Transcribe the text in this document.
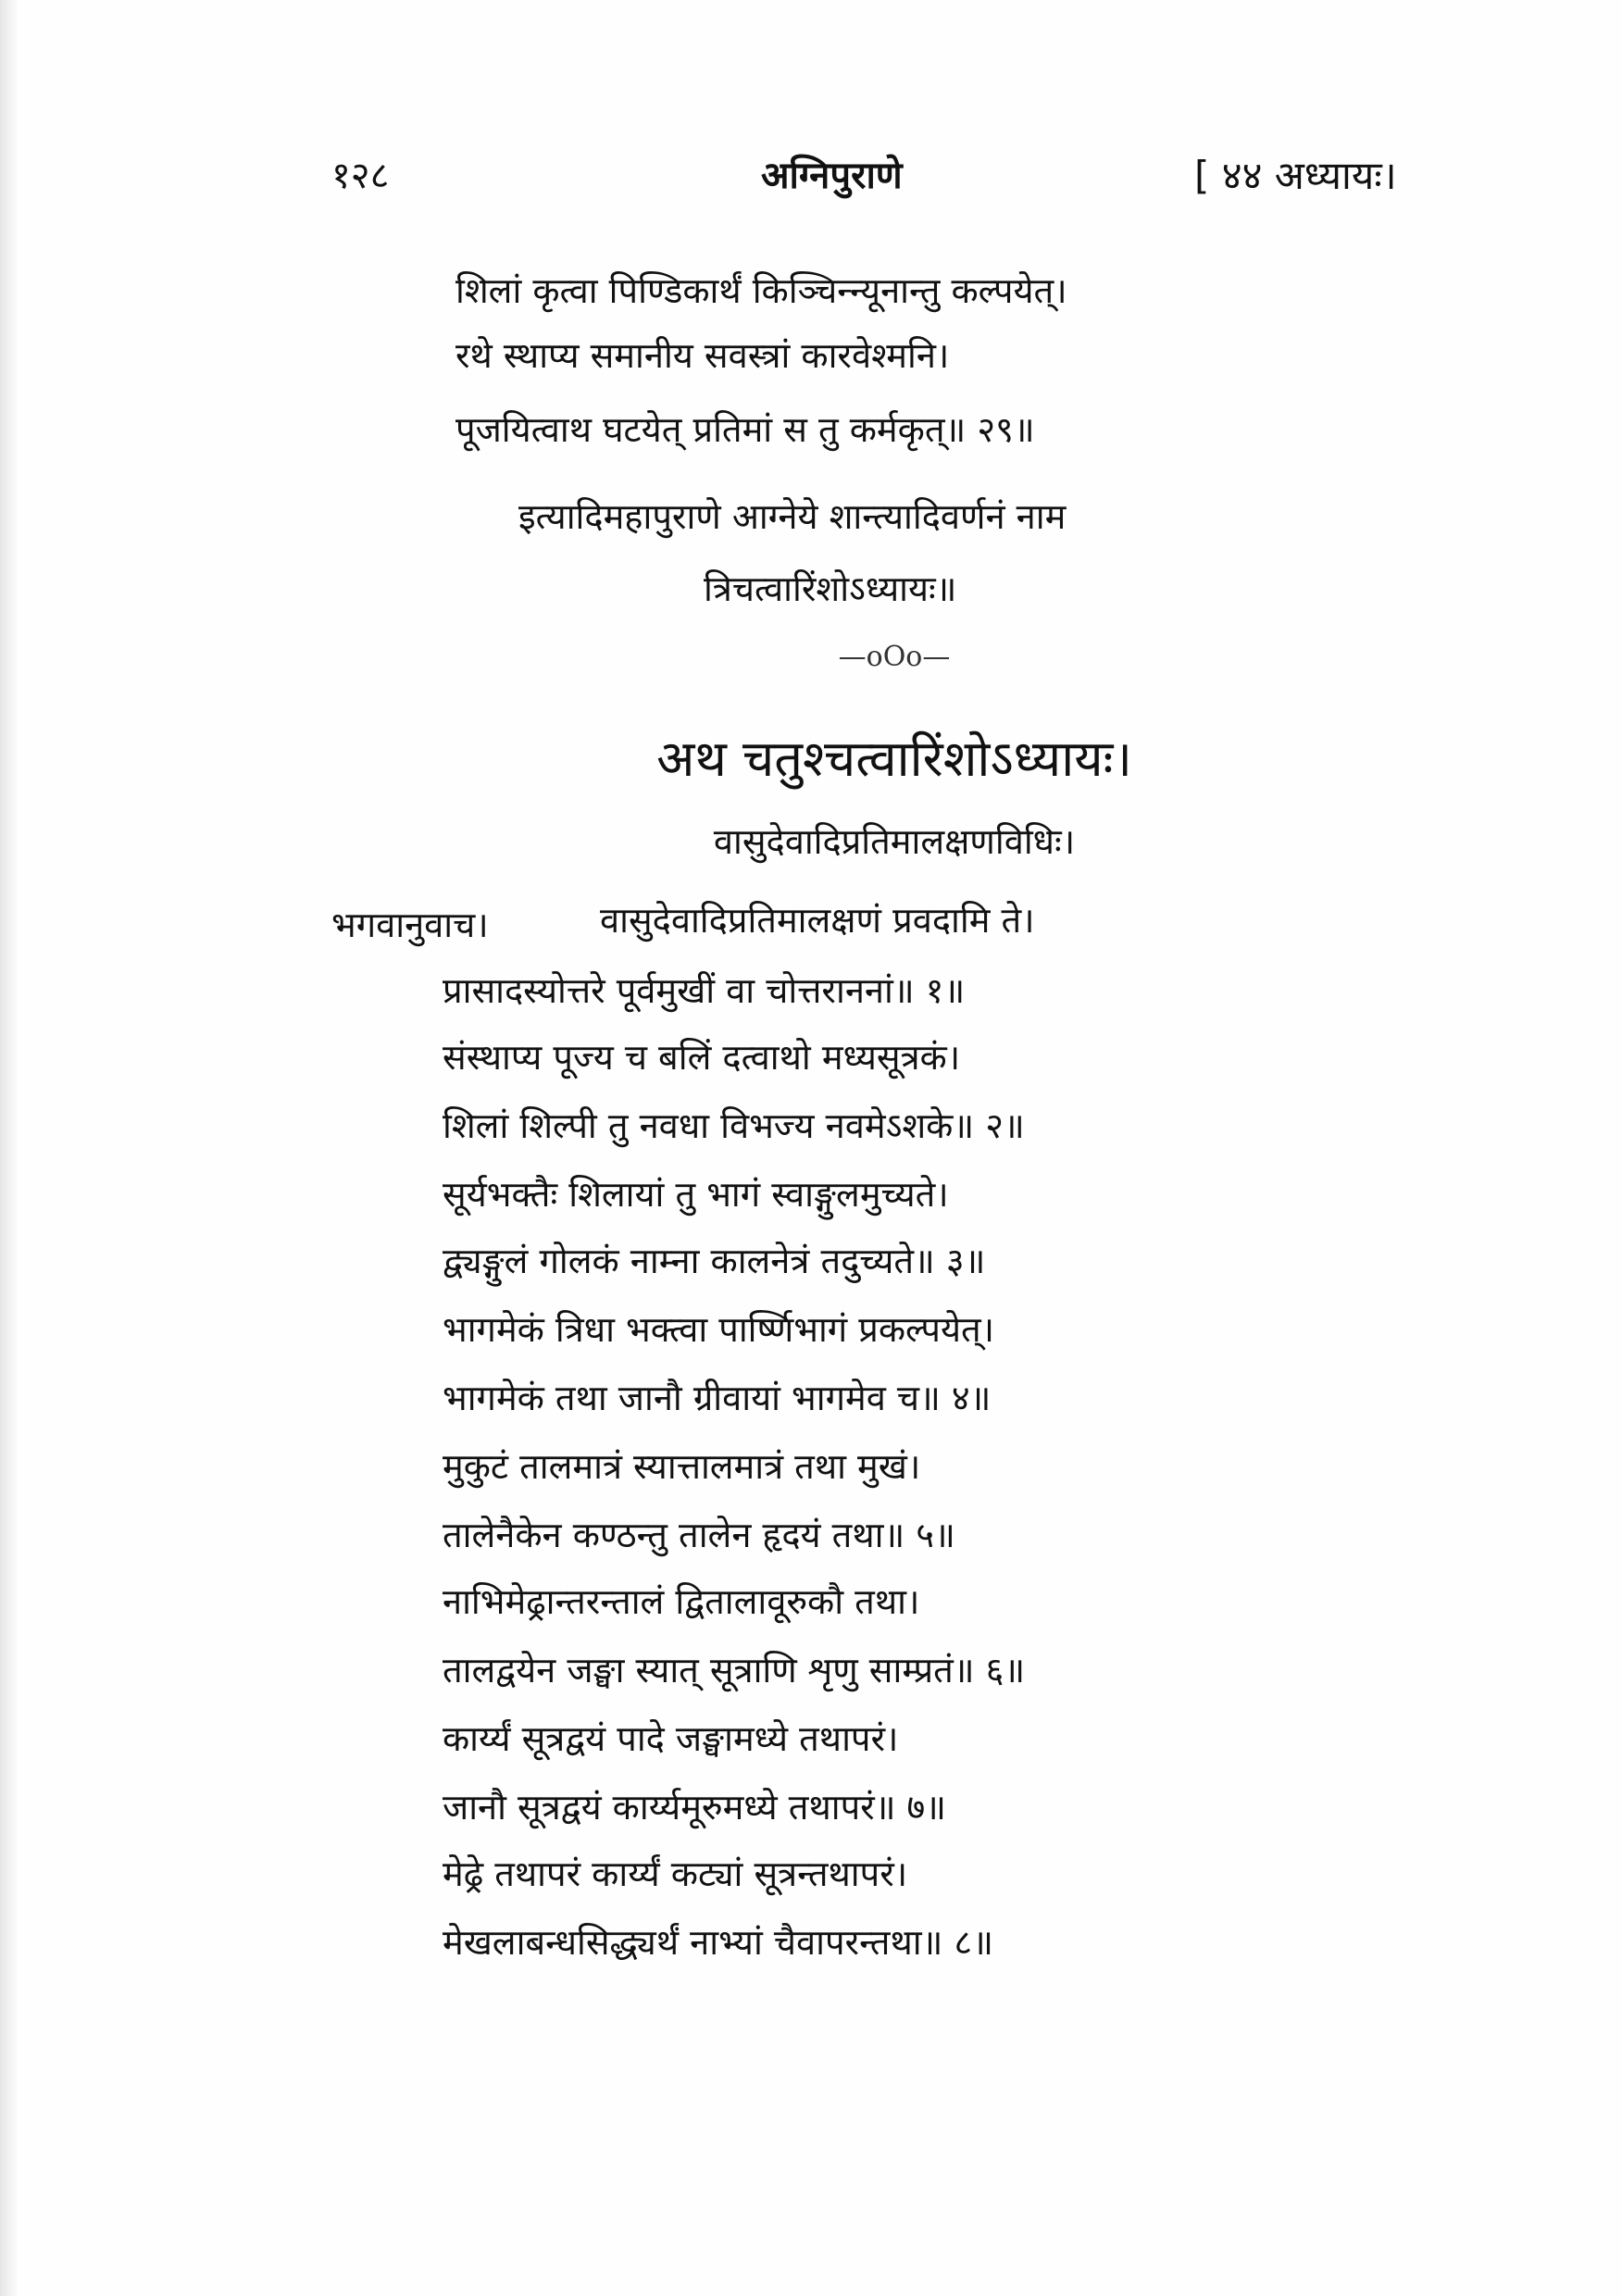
१२८	अग्निपुराणे	[ ४४ अध्यायः।
शिलां कृत्वा पिण्डिकार्थं किञ्चिन्न्यूनान्तु कल्पयेत्।
रथे स्थाप्य समानीय सवस्त्रां कारवेश्मनि।
पूजयित्वाथ घटयेत् प्रतिमां स तु कर्मकृत्॥ २९॥
इत्यादिमहापुराणे आग्नेये शान्त्यादिवर्णनं नाम
त्रिचत्वारिंशोऽध्यायः॥
—oOo—
अथ चतुश्चत्वारिंशोऽध्यायः।
वासुदेवादिप्रतिमालक्षणविधिः।
भगवानुवाच।	वासुदेवादिप्रतिमालक्षणं प्रवदामि ते।
प्रासादस्योत्तरे पूर्वमुखीं वा चोत्तराननां॥ १॥
संस्थाप्य पूज्य च बलिं दत्वाथो मध्यसूत्रकं।
शिलां शिल्पी तु नवधा विभज्य नवमेऽशके॥ २॥
सूर्यभक्तैः शिलायां तु भागं स्वाङ्गुलमुच्यते।
द्व्यङ्गुलं गोलकं नाम्ना कालनेत्रं तदुच्यते॥ ३॥
भागमेकं त्रिधा भक्त्वा पार्ष्णिभागं प्रकल्पयेत्।
भागमेकं तथा जानौ ग्रीवायां भागमेव च॥ ४॥
मुकुटं तालमात्रं स्यात्तालमात्रं तथा मुखं।
तालेनैकेन कण्ठन्तु तालेन हृदयं तथा॥ ५॥
नाभिमेढ्रान्तरन्तालं द्वितालावूरुकौ तथा।
तालद्वयेन जङ्घा स्यात् सूत्राणि शृणु साम्प्रतं॥ ६॥
कार्य्यं सूत्रद्वयं पादे जङ्घामध्ये तथापरं।
जानौ सूत्रद्वयं कार्य्यमूरुमध्ये तथापरं॥ ७॥
मेढ्रे तथापरं कार्य्यं कट्यां सूत्रन्तथापरं।
मेखलाबन्धसिद्ध्यर्थं नाभ्यां चैवापरन्तथा॥ ८॥
